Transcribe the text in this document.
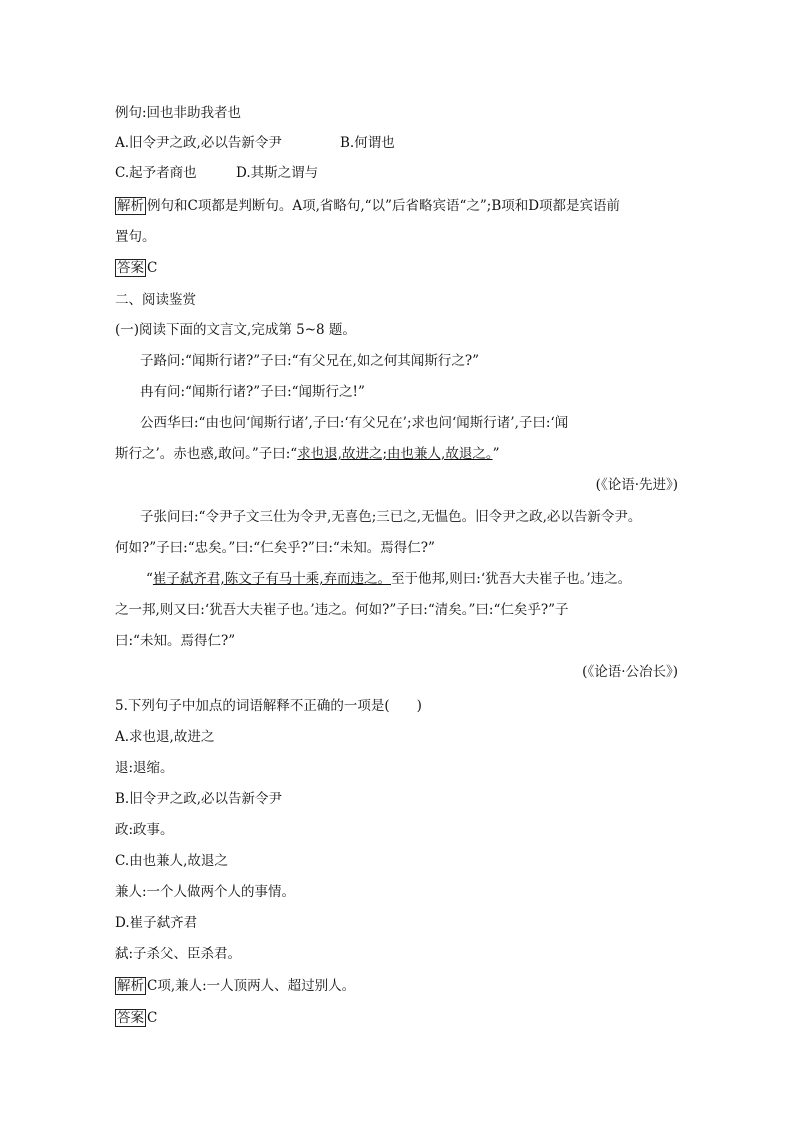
例句:回也非助我者也
A.旧令尹之政,必以告新令尹	B.何谓也
C.起予者商也	D.其斯之谓与
解析 例句和C项都是判断句。A项,省略句,“以”后省略宾语“之”;B项和D项都是宾语前
置句。
答案 C
二、阅读鉴赏
(一)阅读下面的文言文,完成第 5~8 题。
子路问:“闻斯行诸?”子曰:“有父兄在,如之何其闻斯行之?”
冉有问:“闻斯行诸?”子曰:“闻斯行之!”
公西华曰:“由也问‘闻斯行诸’,子曰:‘有父兄在’;求也问‘闻斯行诸’,子曰:‘闻
斯行之’。赤也惑,敢问。”子曰:“求也退,故进之;由也兼人,故退之。”
(《论语·先进》)
子张问曰:“令尹子文三仕为令尹,无喜色;三已之,无愠色。旧令尹之政,必以告新令尹。
何如?”子曰:“忠矣。”曰:“仁矣乎?”曰:“未知。焉得仁?”
“崔子弑齐君,陈文子有马十乘,弃而违之。至于他邦,则曰:‘犹吾大夫崔子也。’违之。
之一邦,则又曰:‘犹吾大夫崔子也。’违之。何如?”子曰:“清矣。”曰:“仁矣乎?”子
曰:“未知。焉得仁?”
(《论语·公冶长》)
5.下列句子中加点的词语解释不正确的一项是(　　)
A.求也退,故进之
退:退缩。
B.旧令尹之政,必以告新令尹
政:政事。
C.由也兼人,故退之
兼人:一个人做两个人的事情。
D.崔子弑齐君
弑:子杀父、臣杀君。
解析 C项,兼人:一人顶两人、超过别人。
答案 C
